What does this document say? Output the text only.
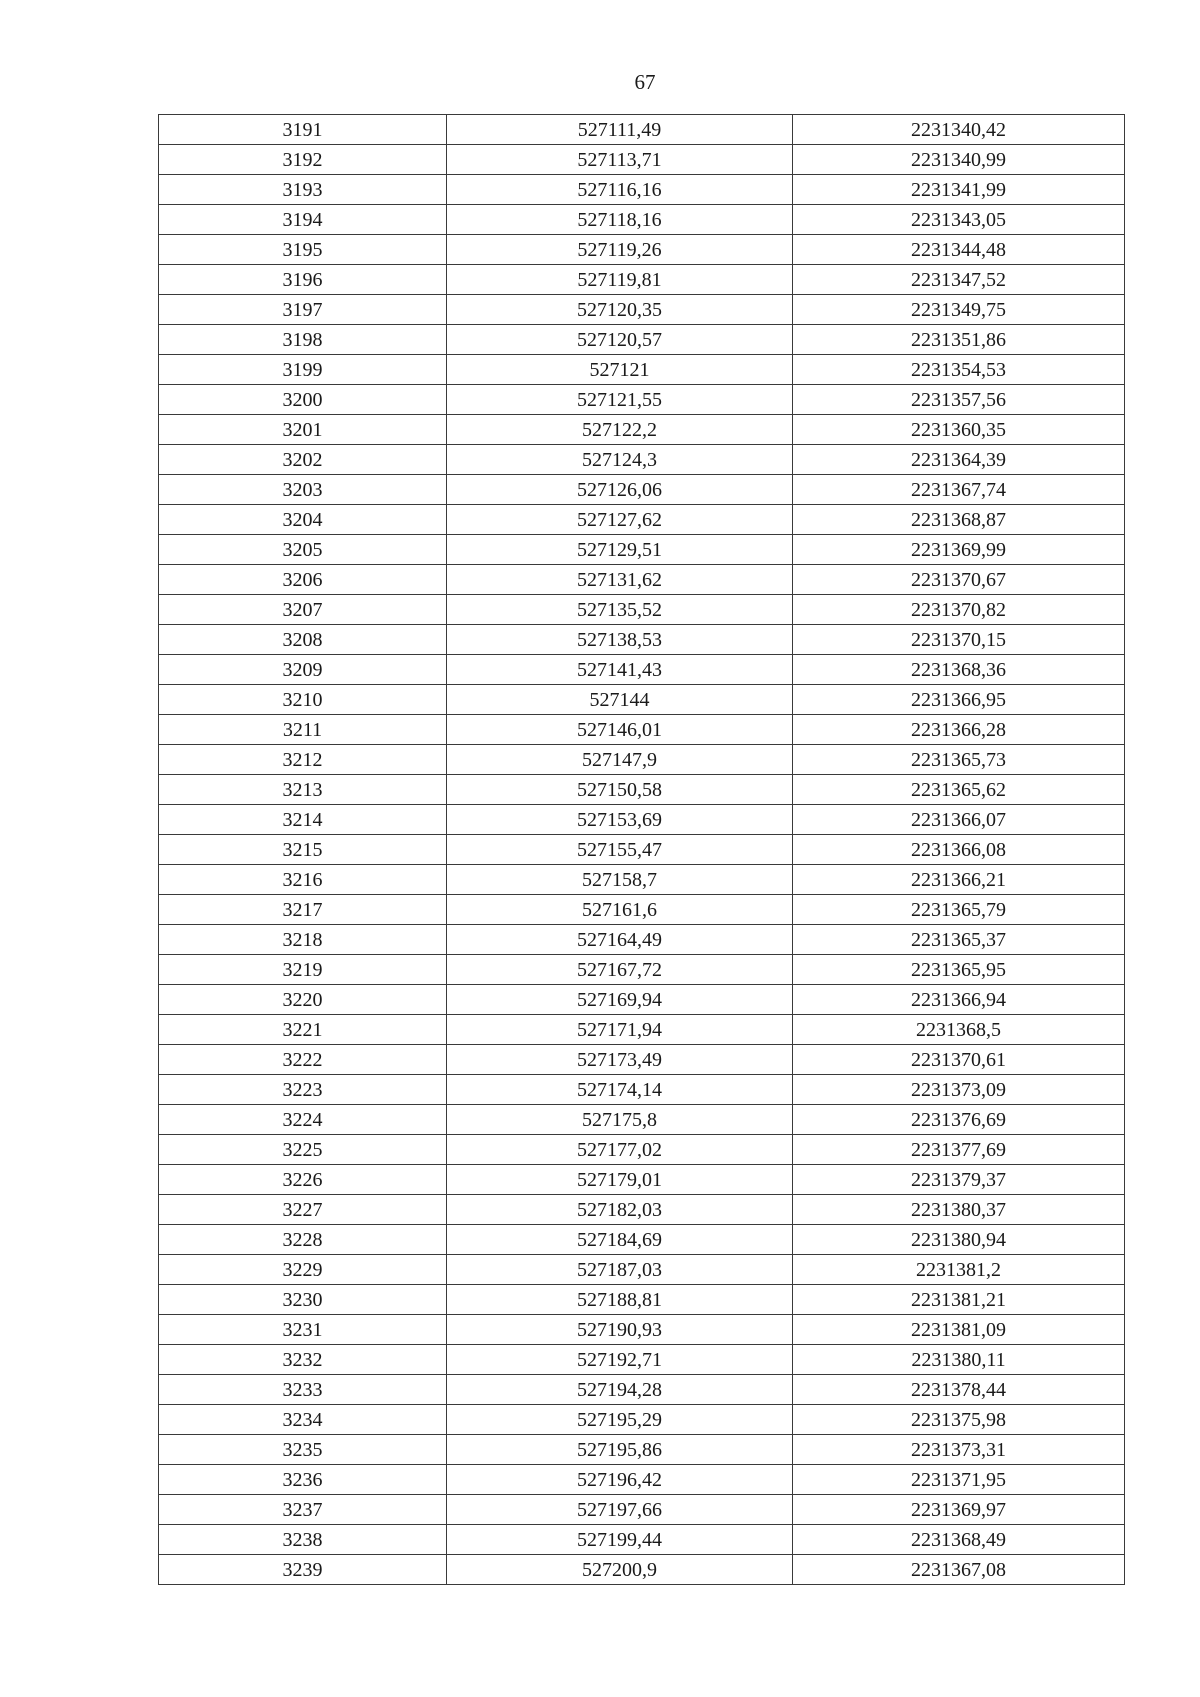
67
3191	527111,49	2231340,42
3192	527113,71	2231340,99
3193	527116,16	2231341,99
3194	527118,16	2231343,05
3195	527119,26	2231344,48
3196	527119,81	2231347,52
3197	527120,35	2231349,75
3198	527120,57	2231351,86
3199	527121	2231354,53
3200	527121,55	2231357,56
3201	527122,2	2231360,35
3202	527124,3	2231364,39
3203	527126,06	2231367,74
3204	527127,62	2231368,87
3205	527129,51	2231369,99
3206	527131,62	2231370,67
3207	527135,52	2231370,82
3208	527138,53	2231370,15
3209	527141,43	2231368,36
3210	527144	2231366,95
3211	527146,01	2231366,28
3212	527147,9	2231365,73
3213	527150,58	2231365,62
3214	527153,69	2231366,07
3215	527155,47	2231366,08
3216	527158,7	2231366,21
3217	527161,6	2231365,79
3218	527164,49	2231365,37
3219	527167,72	2231365,95
3220	527169,94	2231366,94
3221	527171,94	2231368,5
3222	527173,49	2231370,61
3223	527174,14	2231373,09
3224	527175,8	2231376,69
3225	527177,02	2231377,69
3226	527179,01	2231379,37
3227	527182,03	2231380,37
3228	527184,69	2231380,94
3229	527187,03	2231381,2
3230	527188,81	2231381,21
3231	527190,93	2231381,09
3232	527192,71	2231380,11
3233	527194,28	2231378,44
3234	527195,29	2231375,98
3235	527195,86	2231373,31
3236	527196,42	2231371,95
3237	527197,66	2231369,97
3238	527199,44	2231368,49
3239	527200,9	2231367,08
